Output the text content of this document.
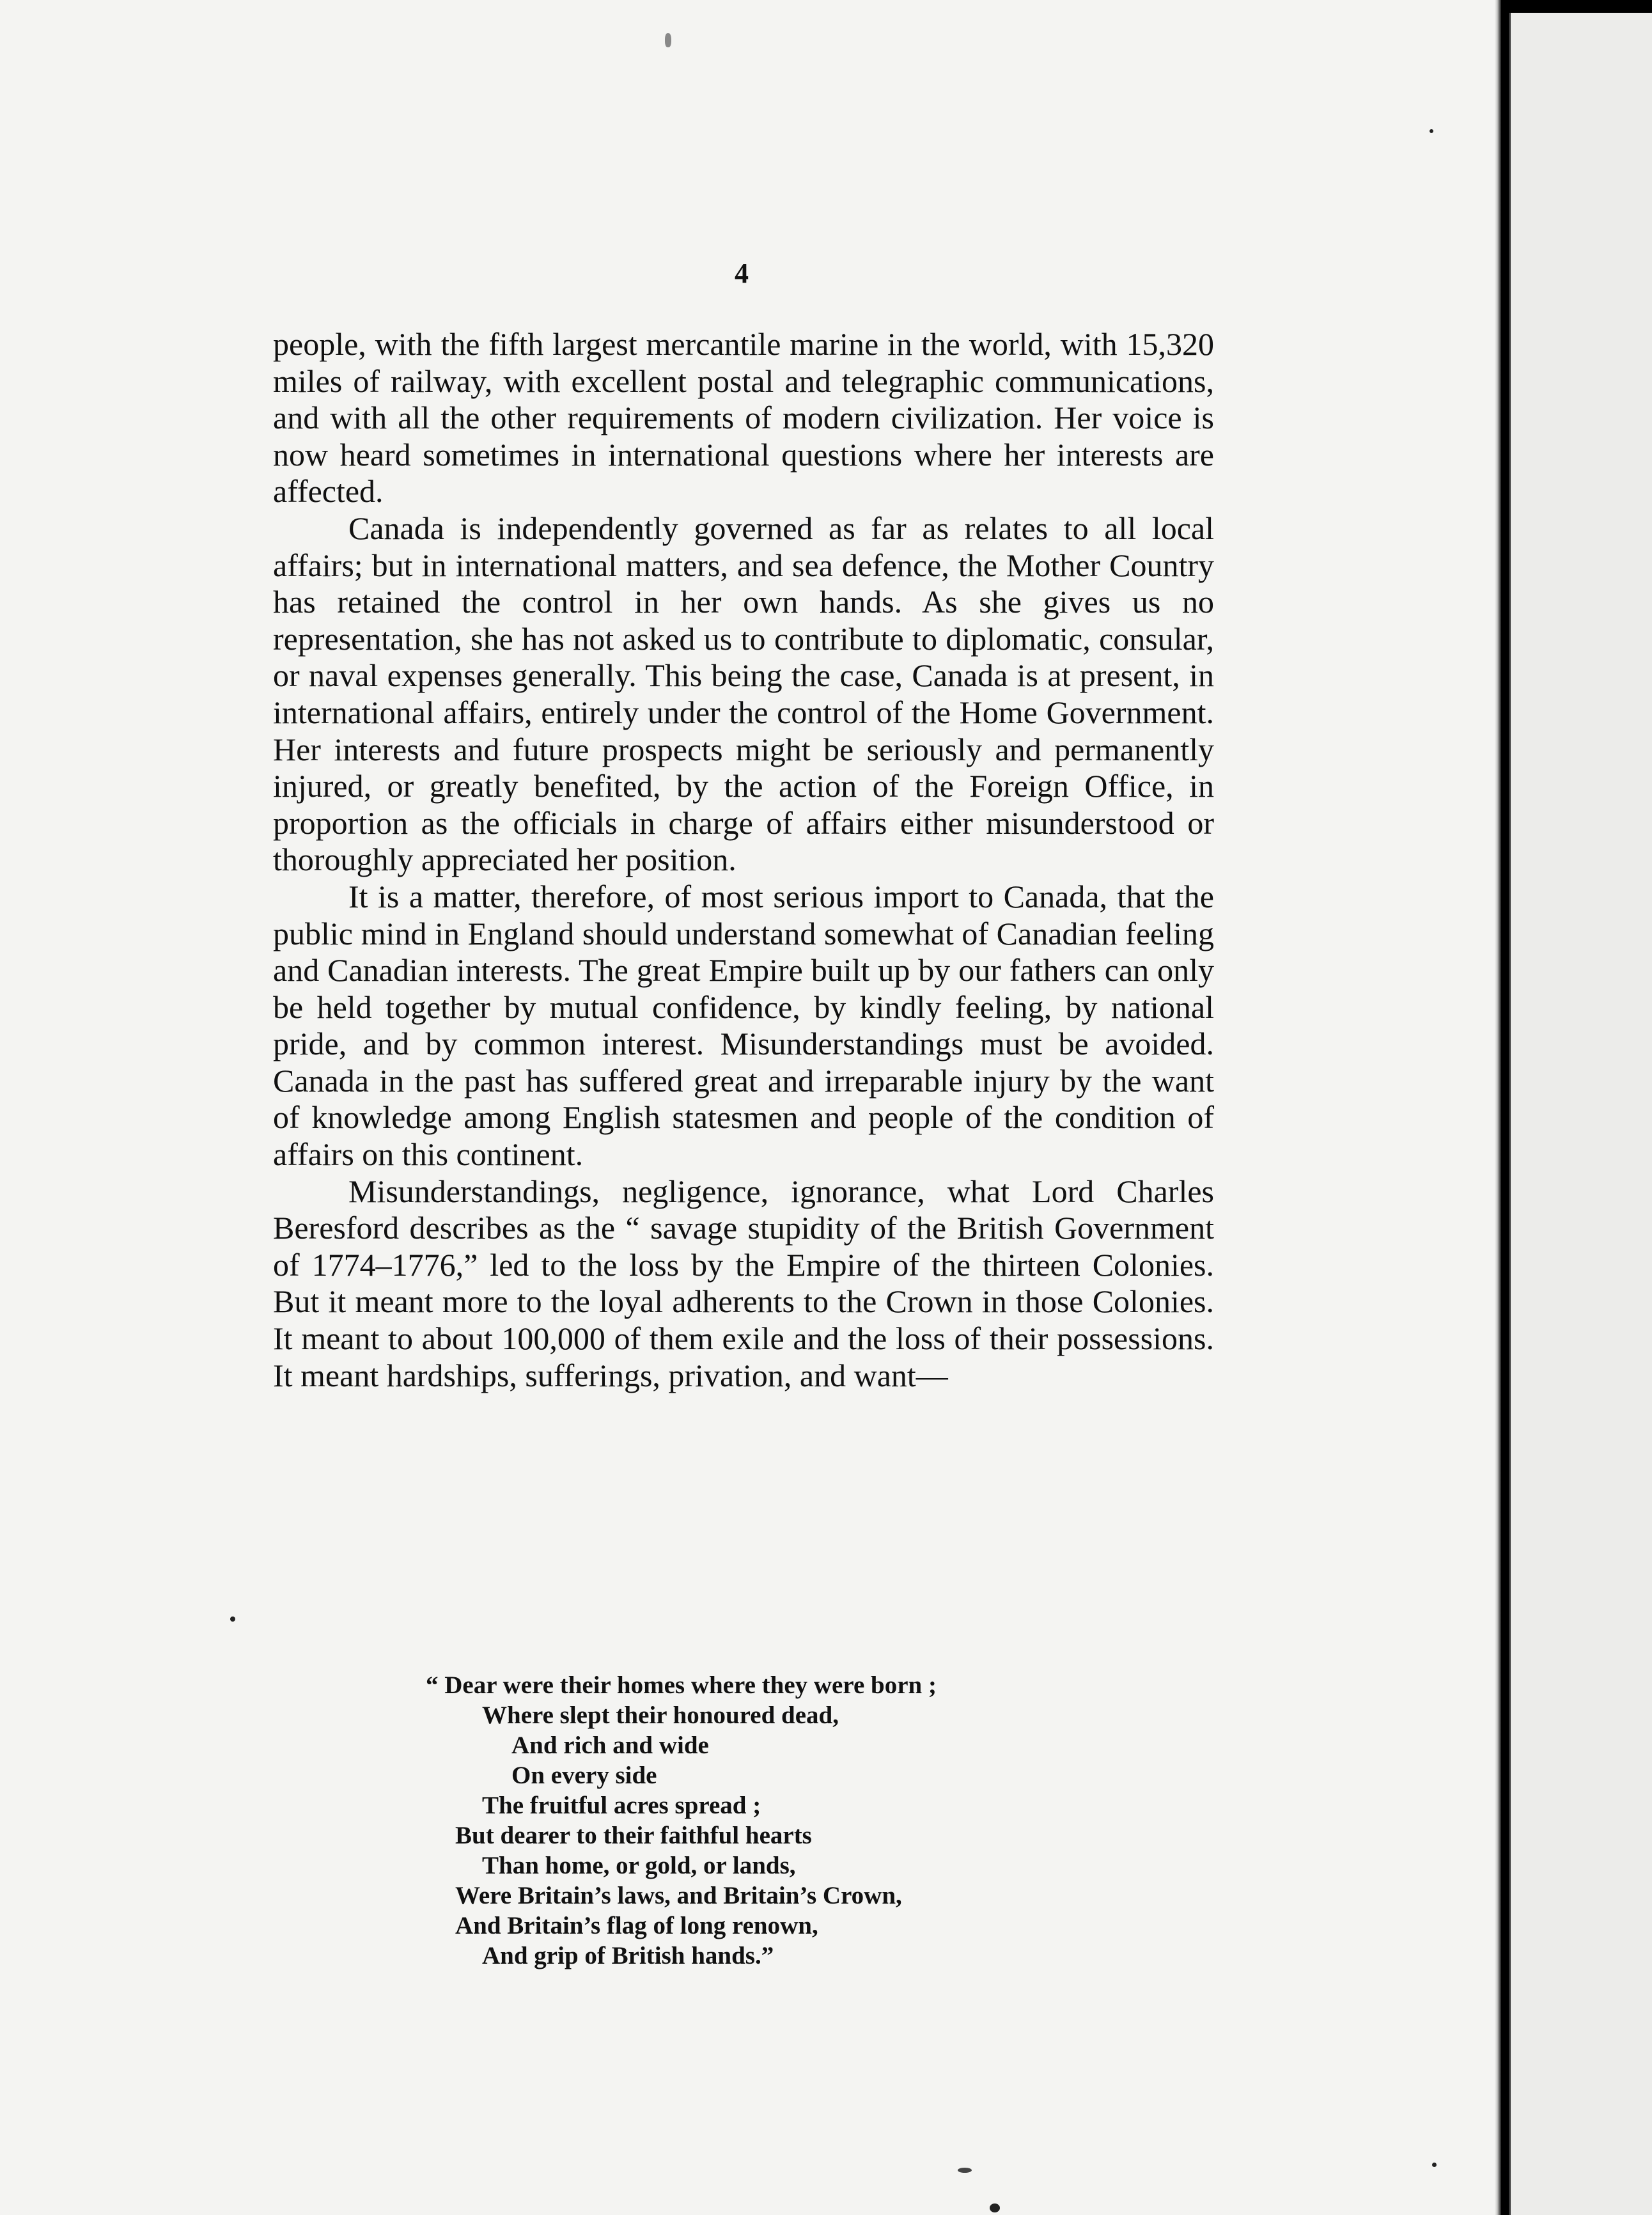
4

people, with the fifth largest mercantile marine in the world, with 15,320 miles of railway, with excellent postal and telegraphic communications, and with all the other requirements of modern civilization. Her voice is now heard sometimes in international questions where her interests are affected.

Canada is independently governed as far as relates to all local affairs; but in international matters, and sea defence, the Mother Country has retained the control in her own hands. As she gives us no representation, she has not asked us to contribute to diplomatic, consular, or naval expenses generally. This being the case, Canada is at present, in international affairs, entirely under the control of the Home Government. Her interests and future prospects might be seriously and permanently injured, or greatly benefited, by the action of the Foreign Office, in proportion as the officials in charge of affairs either misunderstood or thoroughly appreciated her position.

It is a matter, therefore, of most serious import to Canada, that the public mind in England should understand somewhat of Canadian feeling and Canadian interests. The great Empire built up by our fathers can only be held together by mutual confidence, by kindly feeling, by national pride, and by common interest. Misunderstandings must be avoided. Canada in the past has suffered great and irreparable injury by the want of knowledge among English statesmen and people of the condition of affairs on this continent.

Misunderstandings, negligence, ignorance, what Lord Charles Beresford describes as the “ savage stupidity of the British Government of 1774–1776,” led to the loss by the Empire of the thirteen Colonies. But it meant more to the loyal adherents to the Crown in those Colonies. It meant to about 100,000 of them exile and the loss of their possessions. It meant hardships, sufferings, privation, and want—

“ Dear were their homes where they were born ;
Where slept their honoured dead,
And rich and wide
On every side
The fruitful acres spread ;
But dearer to their faithful hearts
Than home, or gold, or lands,
Were Britain’s laws, and Britain’s Crown,
And Britain’s flag of long renown,
And grip of British hands.”
